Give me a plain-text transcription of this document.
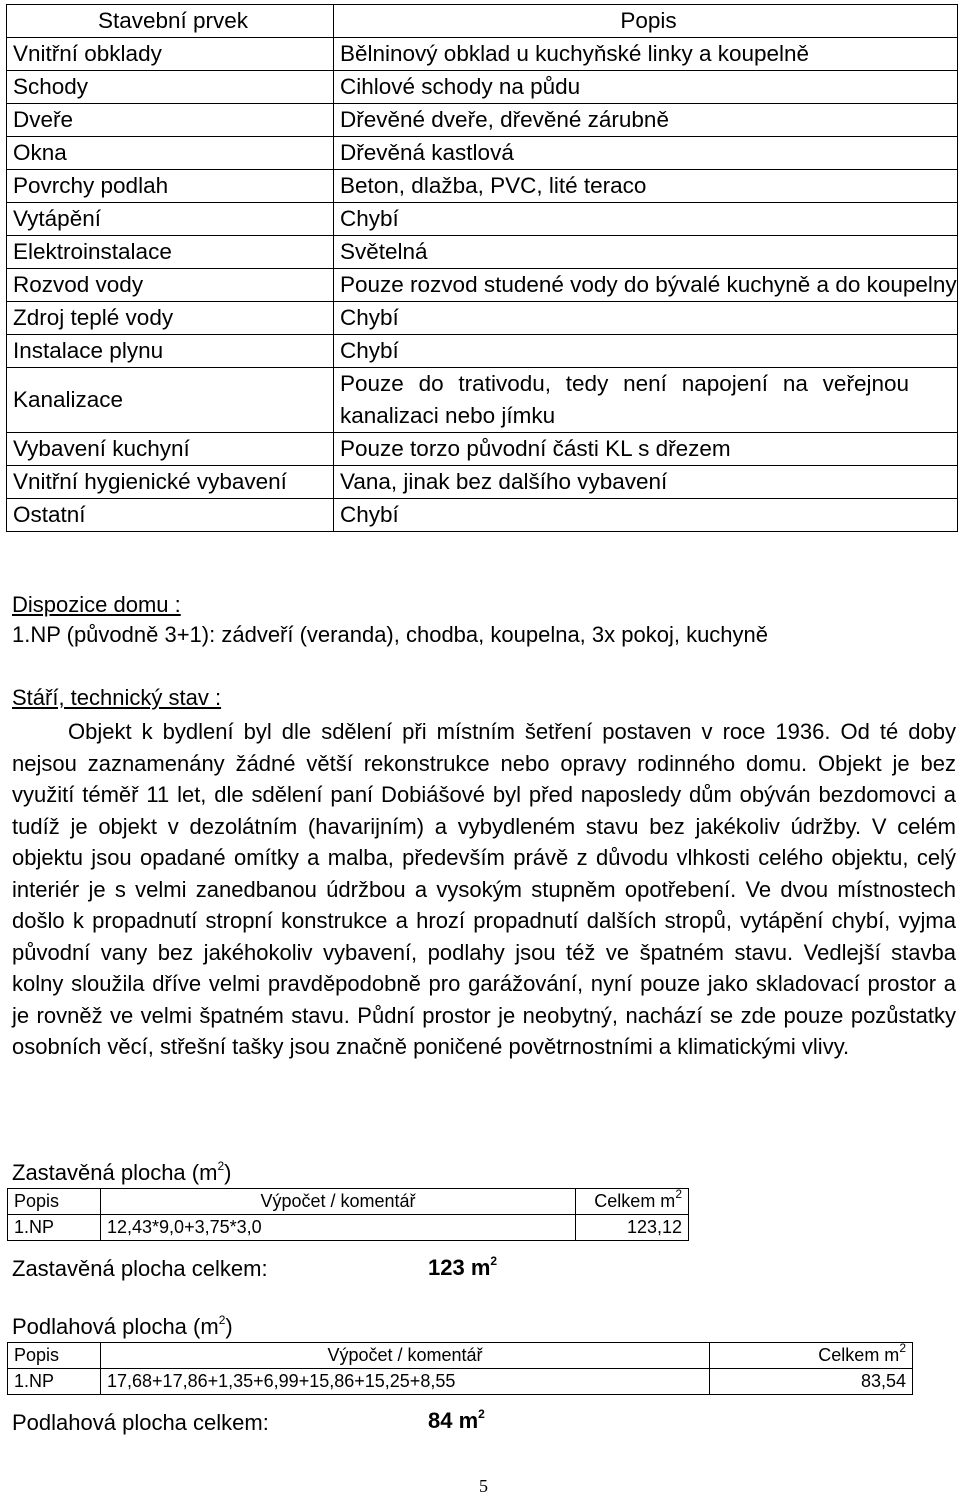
Stavební prvek	Popis
Vnitřní obklady	Bělninový obklad u kuchyňské linky a koupelně
Schody	Cihlové schody na půdu
Dveře	Dřevěné dveře, dřevěné zárubně
Okna	Dřevěná kastlová
Povrchy podlah	Beton, dlažba, PVC, lité teraco
Vytápění	Chybí
Elektroinstalace	Světelná
Rozvod vody	Pouze rozvod studené vody do bývalé kuchyně a do koupelny
Zdroj teplé vody	Chybí
Instalace plynu	Chybí
Kanalizace	Pouze do trativodu, tedy není napojení na veřejnou kanalizaci nebo jímku
Vybavení kuchyní	Pouze torzo původní části KL s dřezem
Vnitřní hygienické vybavení	Vana, jinak bez dalšího vybavení
Ostatní	Chybí
Dispozice domu :
1.NP (původně 3+1): zádveří (veranda), chodba, koupelna, 3x pokoj, kuchyně
Stáří, technický stav :
Objekt k bydlení byl dle sdělení při místním šetření postaven v roce 1936. Od té doby nejsou zaznamenány žádné větší rekonstrukce nebo opravy rodinného domu. Objekt je bez využití téměř 11 let, dle sdělení paní Dobiášové byl před naposledy dům obýván bezdomovci a tudíž je objekt v dezolátním (havarijním) a vybydleném stavu bez jakékoliv údržby. V celém objektu jsou opadané omítky a malba, především právě z důvodu vlhkosti celého objektu, celý interiér je s velmi zanedbanou údržbou a vysokým stupněm opotřebení. Ve dvou místnostech došlo k propadnutí stropní konstrukce a hrozí propadnutí dalších stropů, vytápění chybí, vyjma původní vany bez jakéhokoliv vybavení, podlahy jsou též ve špatném stavu. Vedlejší stavba kolny sloužila dříve velmi pravděpodobně pro garážování, nyní pouze jako skladovací prostor a je rovněž ve velmi špatném stavu. Půdní prostor je neobytný, nachází se zde pouze pozůstatky osobních věcí, střešní tašky jsou značně poničené povětrnostními a klimatickými vlivy.
Zastavěná plocha $(m^2)$
Popis	Výpočet / komentář	Celkem $m^2$
1.NP	12,43*9,0+3,75*3,0	123,12
Zastavěná plocha celkem:	123 $m^2$
Podlahová plocha $(m^2)$
Popis	Výpočet / komentář	Celkem $m^2$
1.NP	17,68+17,86+1,35+6,99+15,86+15,25+8,55	83,54
Podlahová plocha celkem:	84 $m^2$
5
